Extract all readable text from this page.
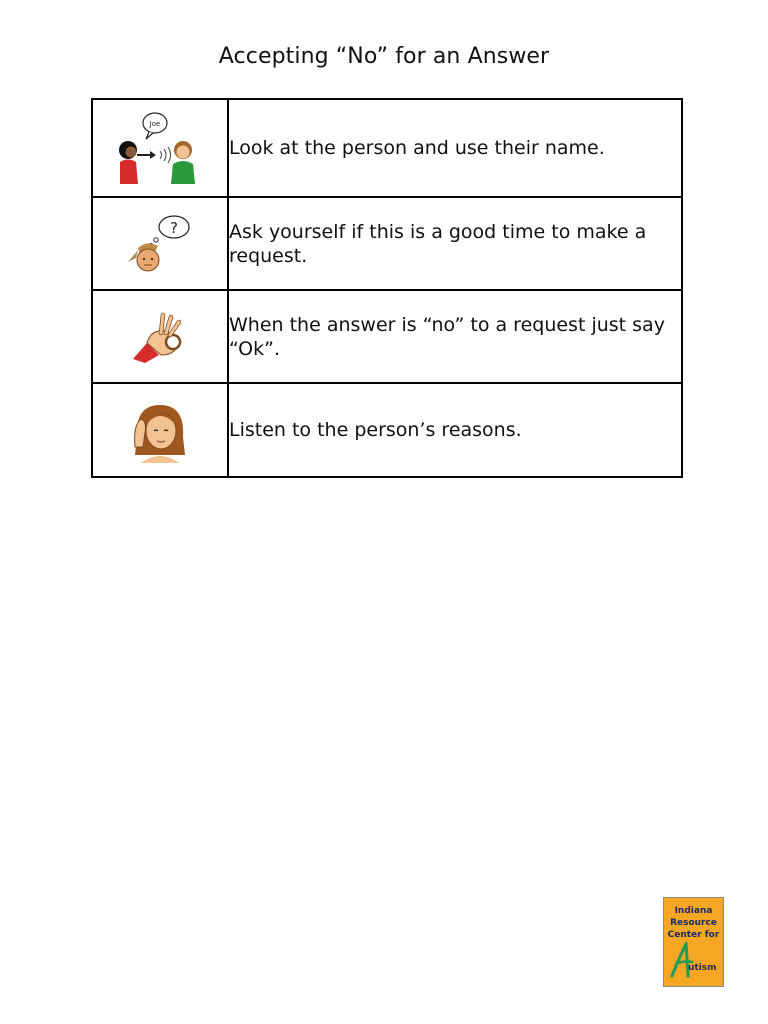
Accepting “No” for an Answer
Joe	Look at the person and use their name.

?	Ask yourself if this is a good time to make a request.

	When the answer is “no” to a request just say “Ok”.

	Listen to the person’s reasons.
Indiana
Resource
Center for
utism
